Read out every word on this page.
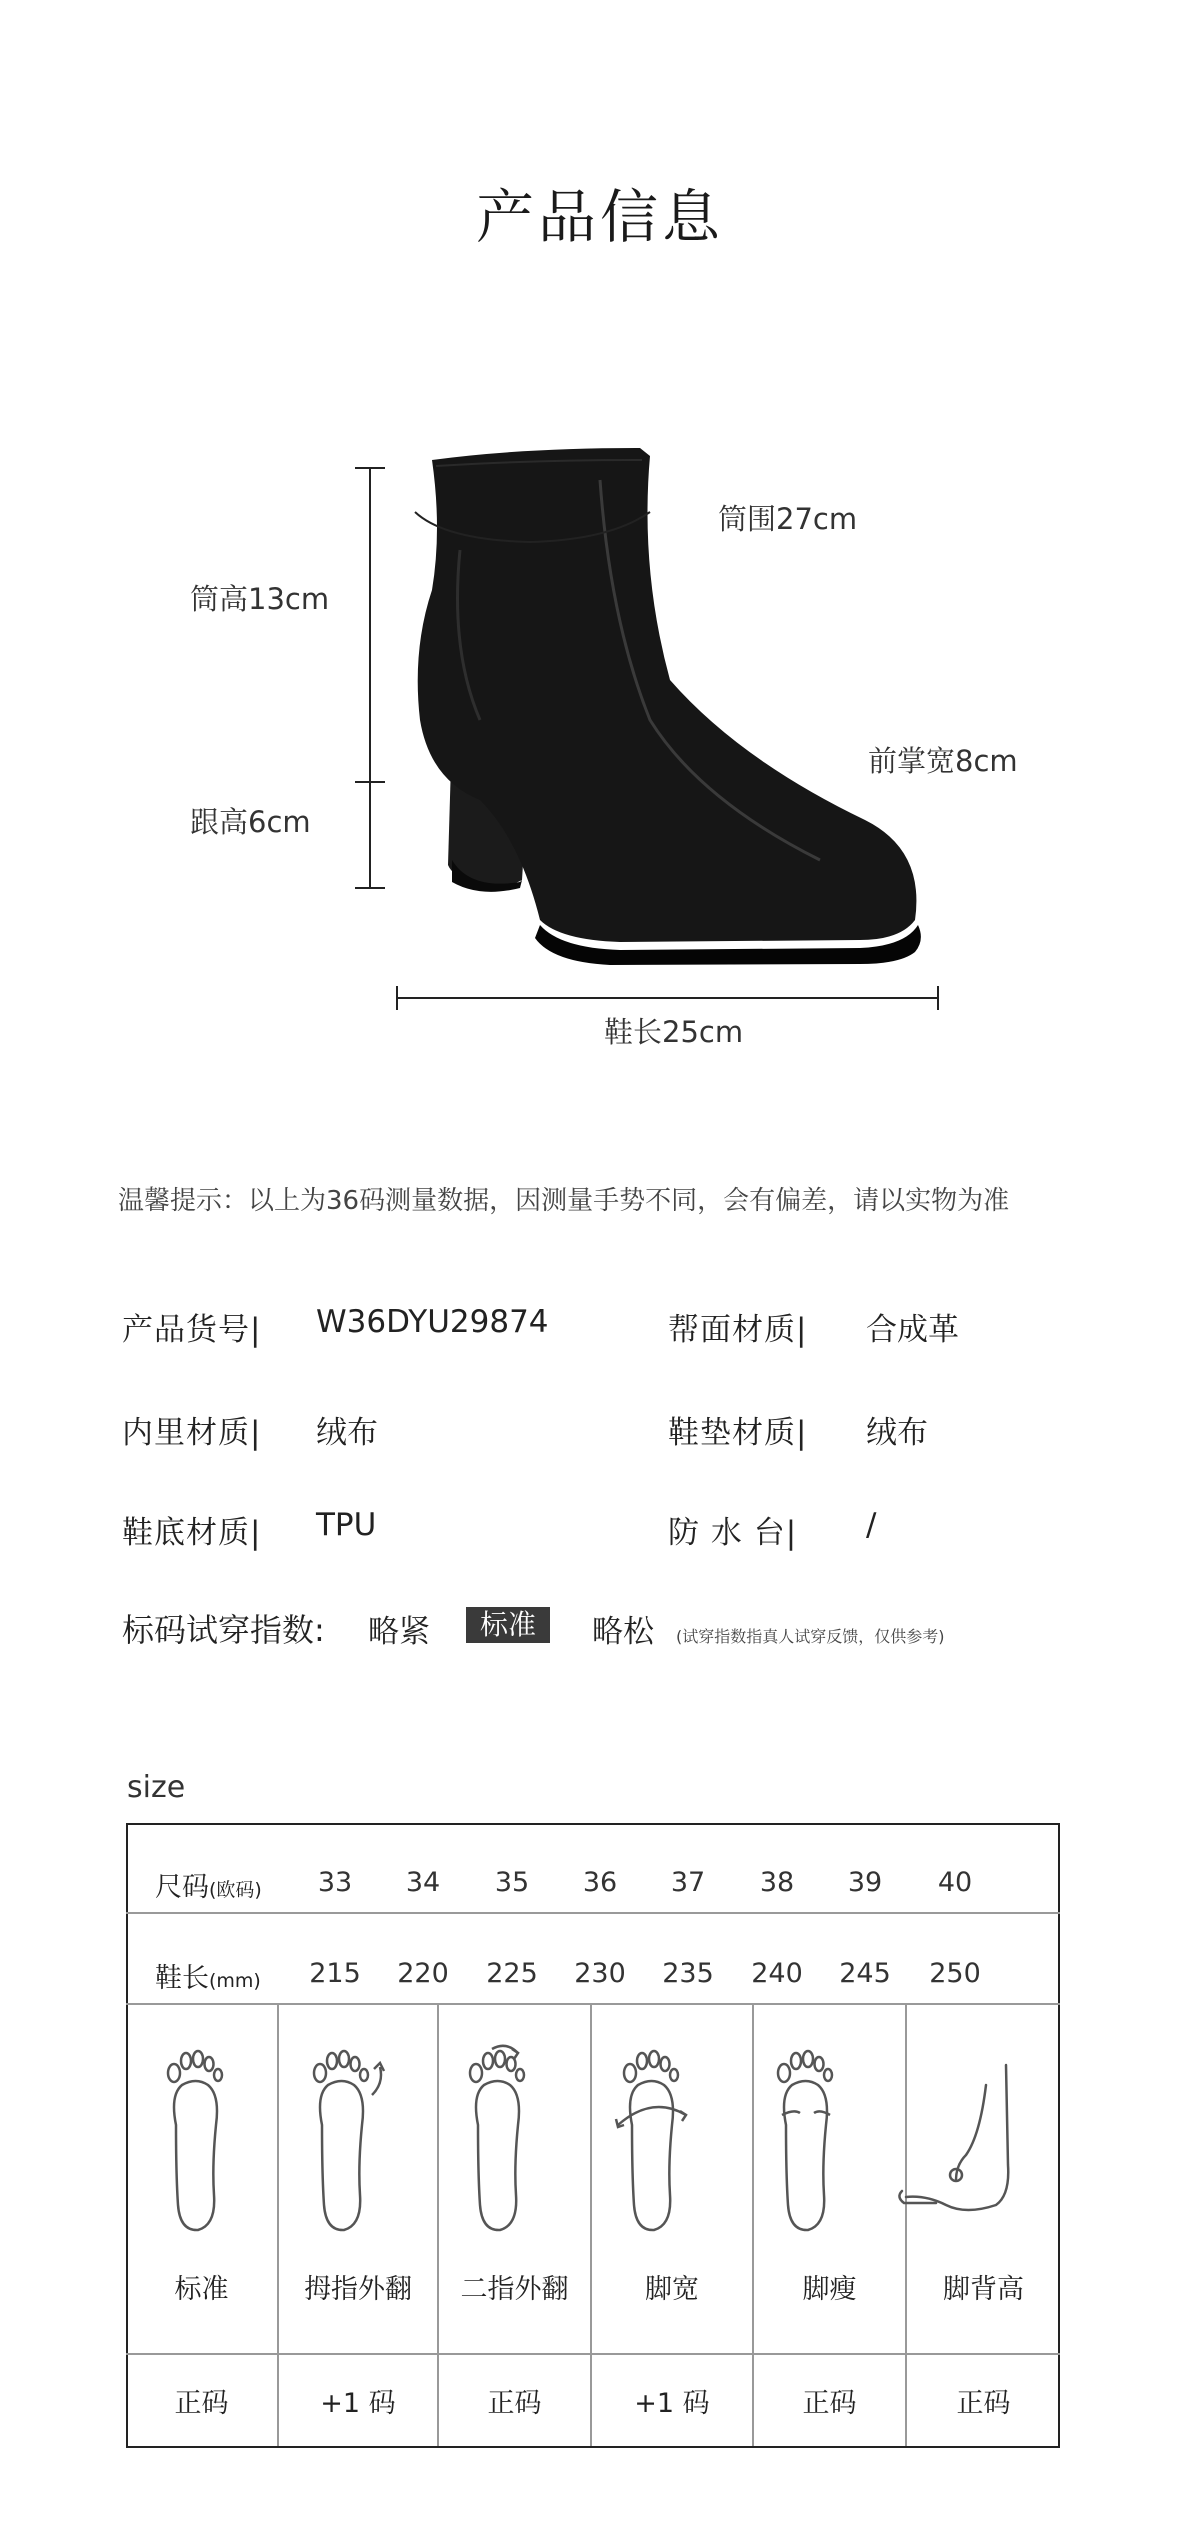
产品信息
筒高13cm
跟高6cm
筒围27cm
前掌宽8cm
鞋长25cm
温馨提示：以上为36码测量数据，因测量手势不同，会有偏差，请以实物为准
产品货号| W36DYU29874	帮面材质| 合成革
内里材质| 绒布	鞋垫材质| 绒布
鞋底材质| TPU	防 水 台| /
标码试穿指数: 略紧	标准	略松 (试穿指数指真人试穿反馈，仅供参考)
size
尺码(欧码)	33	34	35	36	37	38	39	40
鞋长(mm)	215	220	225	230	235	240	245	250
标准	拇指外翻	二指外翻	脚宽	脚瘦	脚背高
正码	+1 码	正码	+1 码	正码	正码
